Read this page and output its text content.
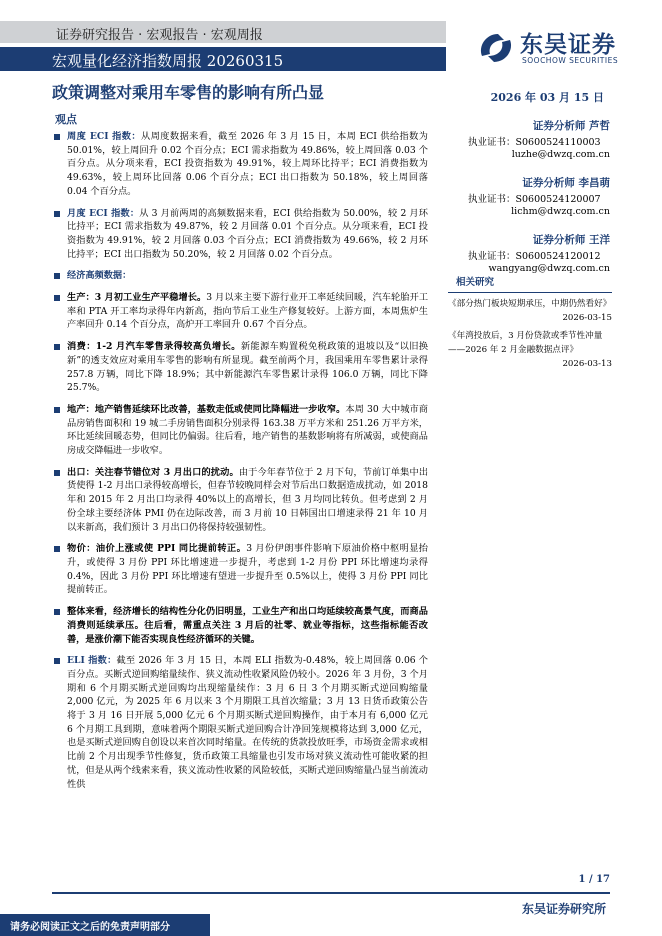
证券研究报告 · 宏观报告 · 宏观周报
宏观量化经济指数周报 20260315
东吴证券
SOOCHOW SECURITIES
政策调整对乘用车零售的影响有所凸显	2026 年 03 月 15 日
观点
周度 ECI 指数：从周度数据来看，截至 2026 年 3 月 15 日，本周 ECI 供给指数为 50.01%，较上周回升 0.02 个百分点；ECI 需求指数为 49.86%，较上周回落 0.03 个百分点。从分项来看，ECI 投资指数为 49.91%，较上周环比持平；ECI 消费指数为 49.63%，较上周环比回落 0.06 个百分点；ECI 出口指数为 50.18%，较上周回落 0.04 个百分点。
月度 ECI 指数：从 3 月前两周的高频数据来看，ECI 供给指数为 50.00%，较 2 月环比持平；ECI 需求指数为 49.87%，较 2 月回落 0.01 个百分点。从分项来看，ECI 投资指数为 49.91%，较 2 月回落 0.03 个百分点；ECI 消费指数为 49.66%，较 2 月环比持平；ECI 出口指数为 50.20%，较 2 月回落 0.02 个百分点。
经济高频数据：
生产：3 月初工业生产平稳增长。3 月以来主要下游行业开工率延续回暖，汽车轮胎开工率和 PTA 开工率均录得年内新高，指向节后工业生产修复较好。上游方面，本周焦炉生产率回升 0.14 个百分点，高炉开工率回升 0.67 个百分点。
消费：1-2 月汽车零售录得较高负增长。新能源车购置税免税政策的退坡以及“以旧换新”的透支效应对乘用车零售的影响有所显现。截至前两个月，我国乘用车零售累计录得 257.8 万辆，同比下降 18.9%；其中新能源汽车零售累计录得 106.0 万辆，同比下降 25.7%。
地产：地产销售延续环比改善，基数走低或使同比降幅进一步收窄。本周 30 大中城市商品房销售面积和 19 城二手房销售面积分别录得 163.38 万平方米和 251.26 万平方米，环比延续回暖态势，但同比仍偏弱。往后看，地产销售的基数影响将有所减弱，或使商品房成交降幅进一步收窄。
出口：关注春节错位对 3 月出口的扰动。由于今年春节位于 2 月下旬，节前订单集中出货使得 1-2 月出口录得较高增长，但春节较晚同样会对节后出口数据造成扰动，如 2018 年和 2015 年 2 月出口均录得 40%以上的高增长，但 3 月均同比转负。但考虑到 2 月份全球主要经济体 PMI 仍在边际改善，而 3 月前 10 日韩国出口增速录得 21 年 10 月以来新高，我们预计 3 月出口仍将保持较强韧性。
物价：油价上涨或使 PPI 同比提前转正。3 月份伊朗事件影响下原油价格中枢明显抬升，或使得 3 月份 PPI 环比增速进一步提升，考虑到 1-2 月份 PPI 环比增速均录得 0.4%，因此 3 月份 PPI 环比增速有望进一步提升至 0.5%以上，使得 3 月份 PPI 同比提前转正。
整体来看，经济增长的结构性分化仍旧明显，工业生产和出口均延续较高景气度，而商品消费则延续承压。往后看，需重点关注 3 月后的社零、就业等指标，这些指标能否改善，是涨价潮下能否实现良性经济循环的关键。
ELI 指数：截至 2026 年 3 月 15 日，本周 ELI 指数为-0.48%，较上周回落 0.06 个百分点。买断式逆回购缩量续作、狭义流动性收紧风险仍较小。2026 年 3 月份，3 个月期和 6 个月期买断式逆回购均出现缩量续作：3 月 6 日 3 个月期买断式逆回购缩量 2,000 亿元，为 2025 年 6 月以来 3 个月期限工具首次缩量；3 月 13 日货币政策公告将于 3 月 16 日开展 5,000 亿元 6 个月期买断式逆回购操作，由于本月有 6,000 亿元 6 个月期工具到期，意味着两个期限买断式逆回购合计净回笼规模将达到 3,000 亿元，也是买断式逆回购自创设以来首次同时缩量。在传统的货款投放旺季，市场资金需求或相比前 2 个月出现季节性修复，货币政策工具缩量也引发市场对狭义流动性可能收紧的担忧，但是从两个线索来看，狭义流动性收紧的风险较低，买断式逆回购缩量凸显当前流动性供
证券分析师 芦哲
执业证书：S0600524110003
luzhe@dwzq.com.cn
证券分析师 李昌萌
执业证书：S0600524120007
lichm@dwzq.com.cn
证券分析师 王洋
执业证书：S0600524120012
wangyang@dwzq.com.cn
相关研究
《部分热门板块短期承压，中期仍然看好》
2026-03-15
《年湾投放后，3 月份贷款或季节性冲量——2026 年 2 月金融数据点评》
2026-03-13
1 / 17
请务必阅读正文之后的免责声明部分
东吴证券研究所
